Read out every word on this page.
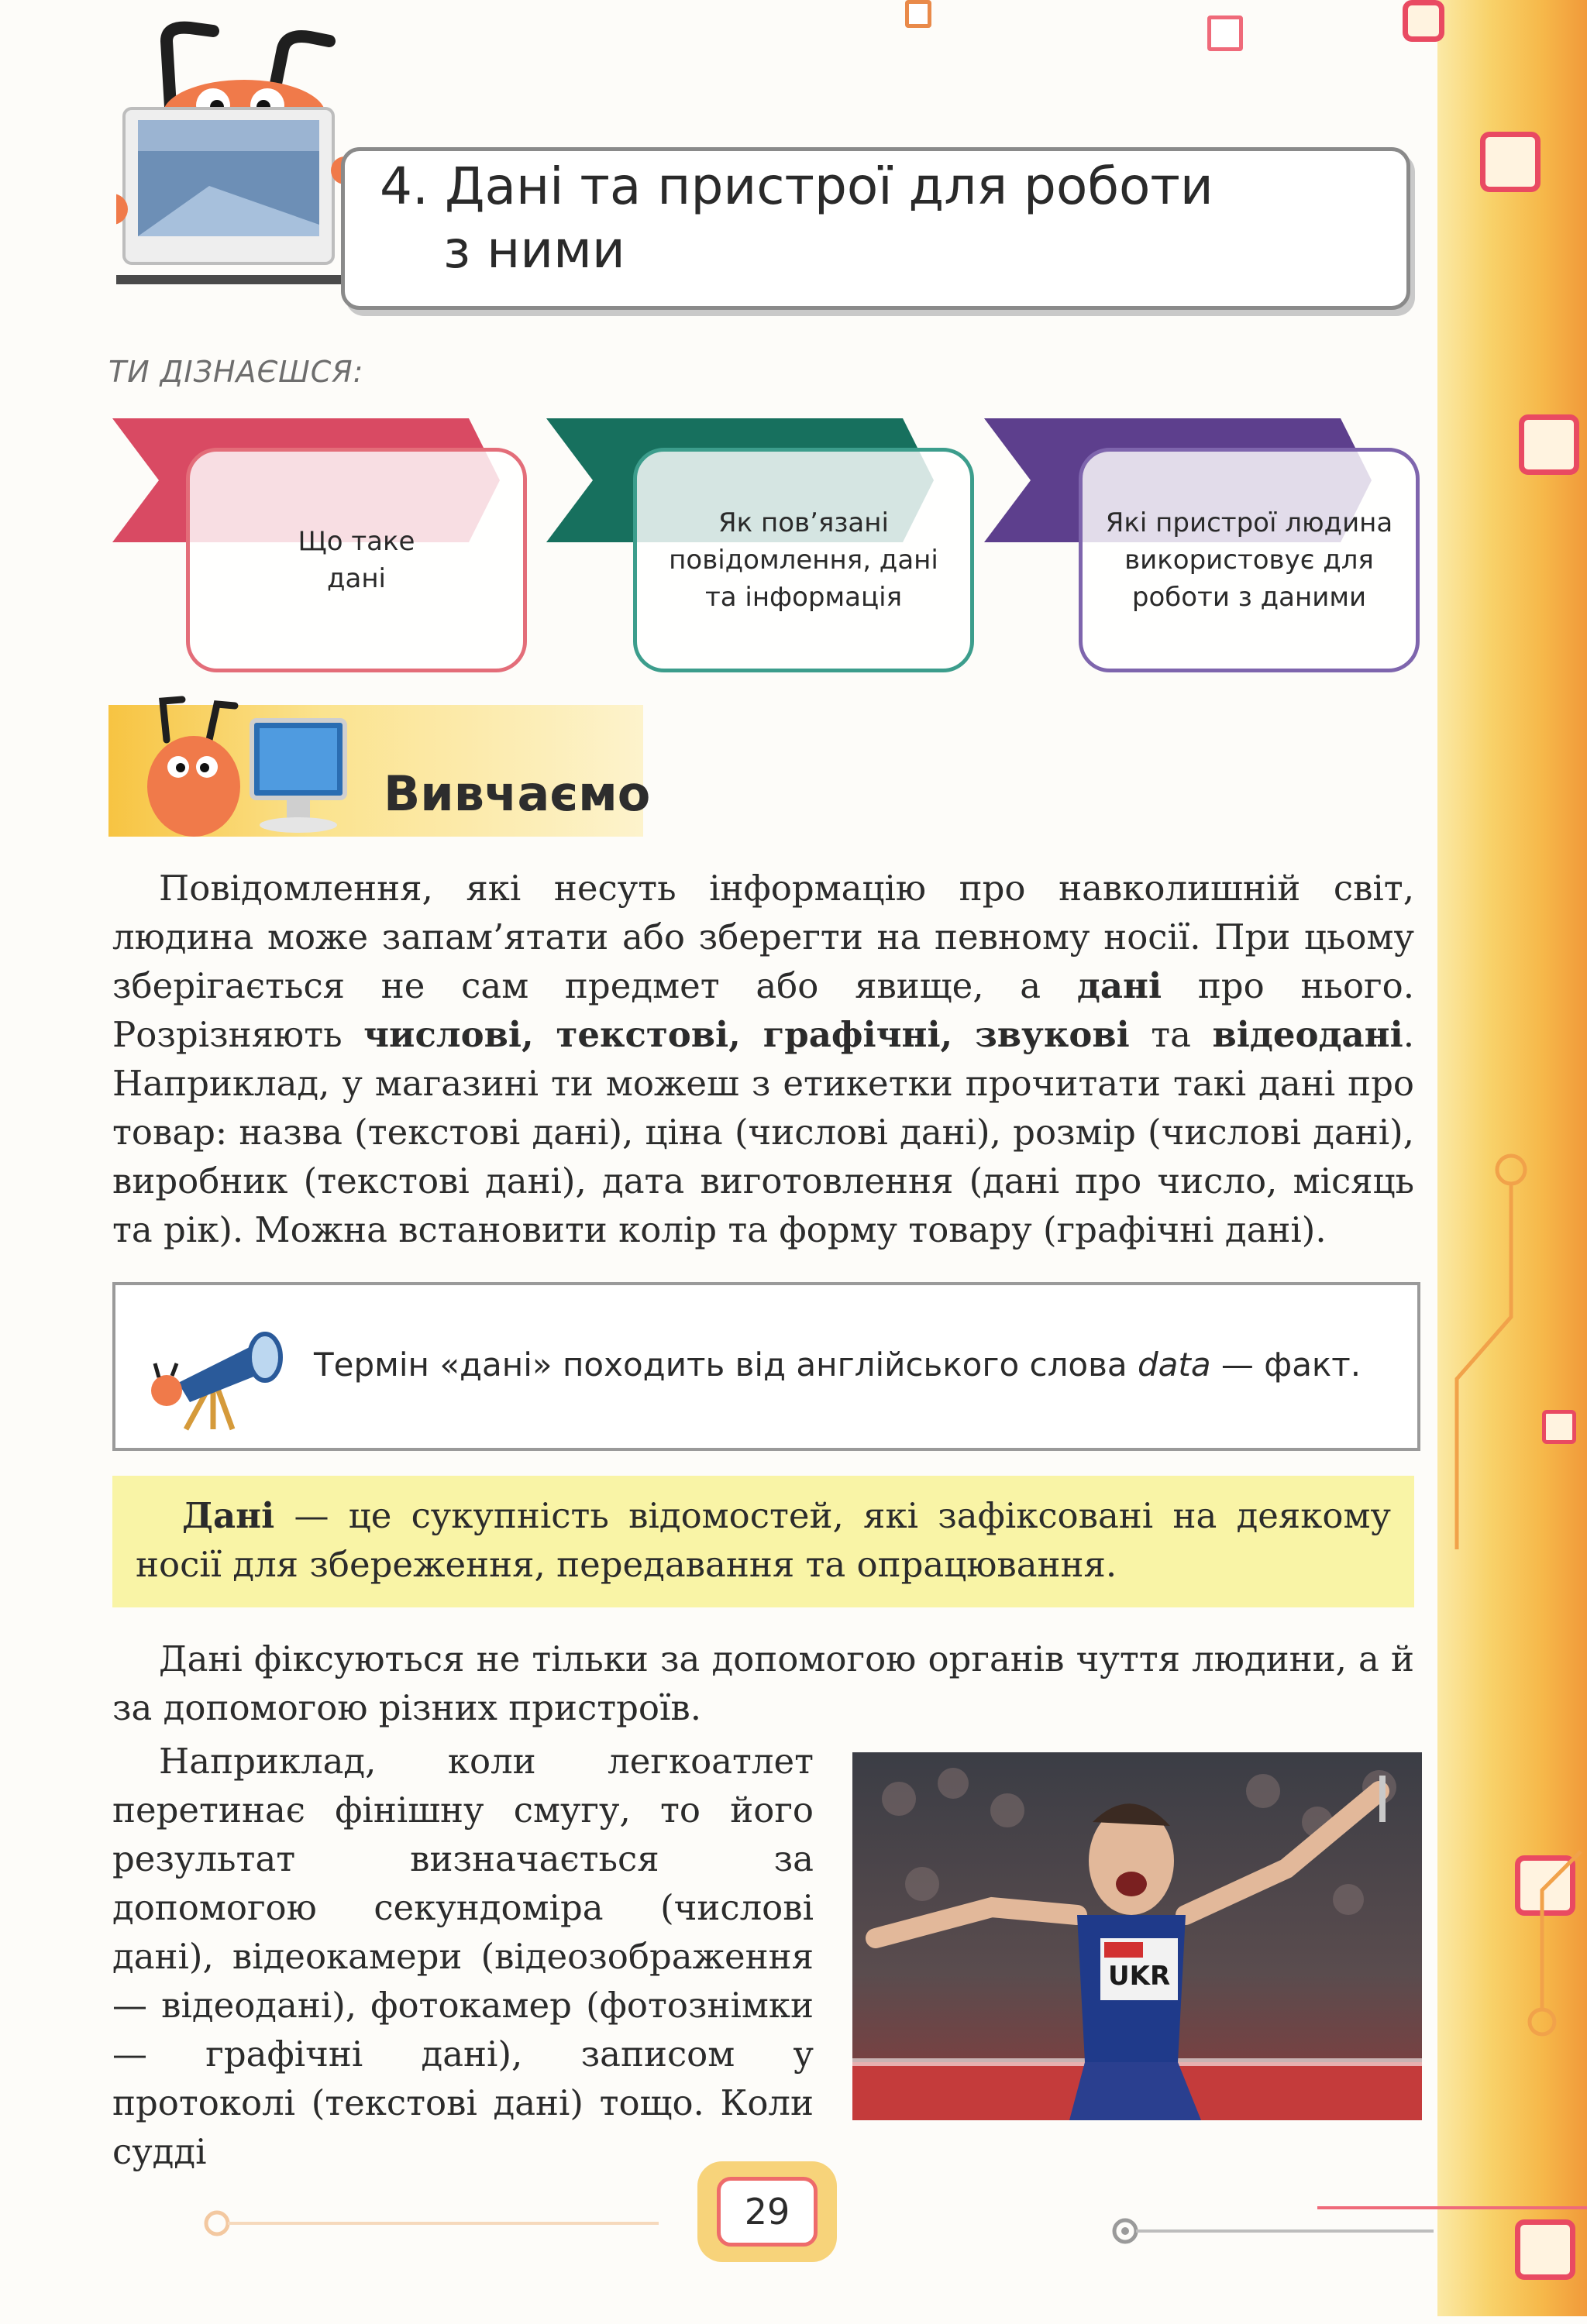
4. Дані та пристрої для роботи
з ними
ТИ ДІЗНАЄШСЯ:
Що таке дані
Як пов’язані повідомлення, дані та інформація
Які пристрої людина використовує для роботи з даними
Вивчаємо
Повідомлення, які несуть інформацію про навколишній світ, людина може запам’ятати або зберегти на певному носії. При цьому зберігається не сам предмет або явище, а дані про нього. Розрізняють числові, текстові, графічні, звукові та відеодані. Наприклад, у магазині ти можеш з етикетки прочитати такі дані про товар: назва (текстові дані), ціна (числові дані), розмір (числові дані), виробник (текстові дані), дата виготовлення (дані про число, місяць та рік). Можна встановити колір та форму товару (графічні дані).
Термін «дані» походить від англійського слова data — факт.
Дані — це сукупність відомостей, які зафіксовані на деякому носії для збереження, передавання та опрацювання.
Дані фіксуються не тільки за допомогою органів чуття людини, а й за допомогою різних пристроїв.
Наприклад, коли легкоатлет перетинає фінішну смугу, то його результат визначається за допомогою секундоміра (числові дані), відеокамери (відеозображення — відеодані), фотокамер (фотознімки — графічні дані), записом у протоколі (текстові дані) тощо. Коли судді
UKR
29
